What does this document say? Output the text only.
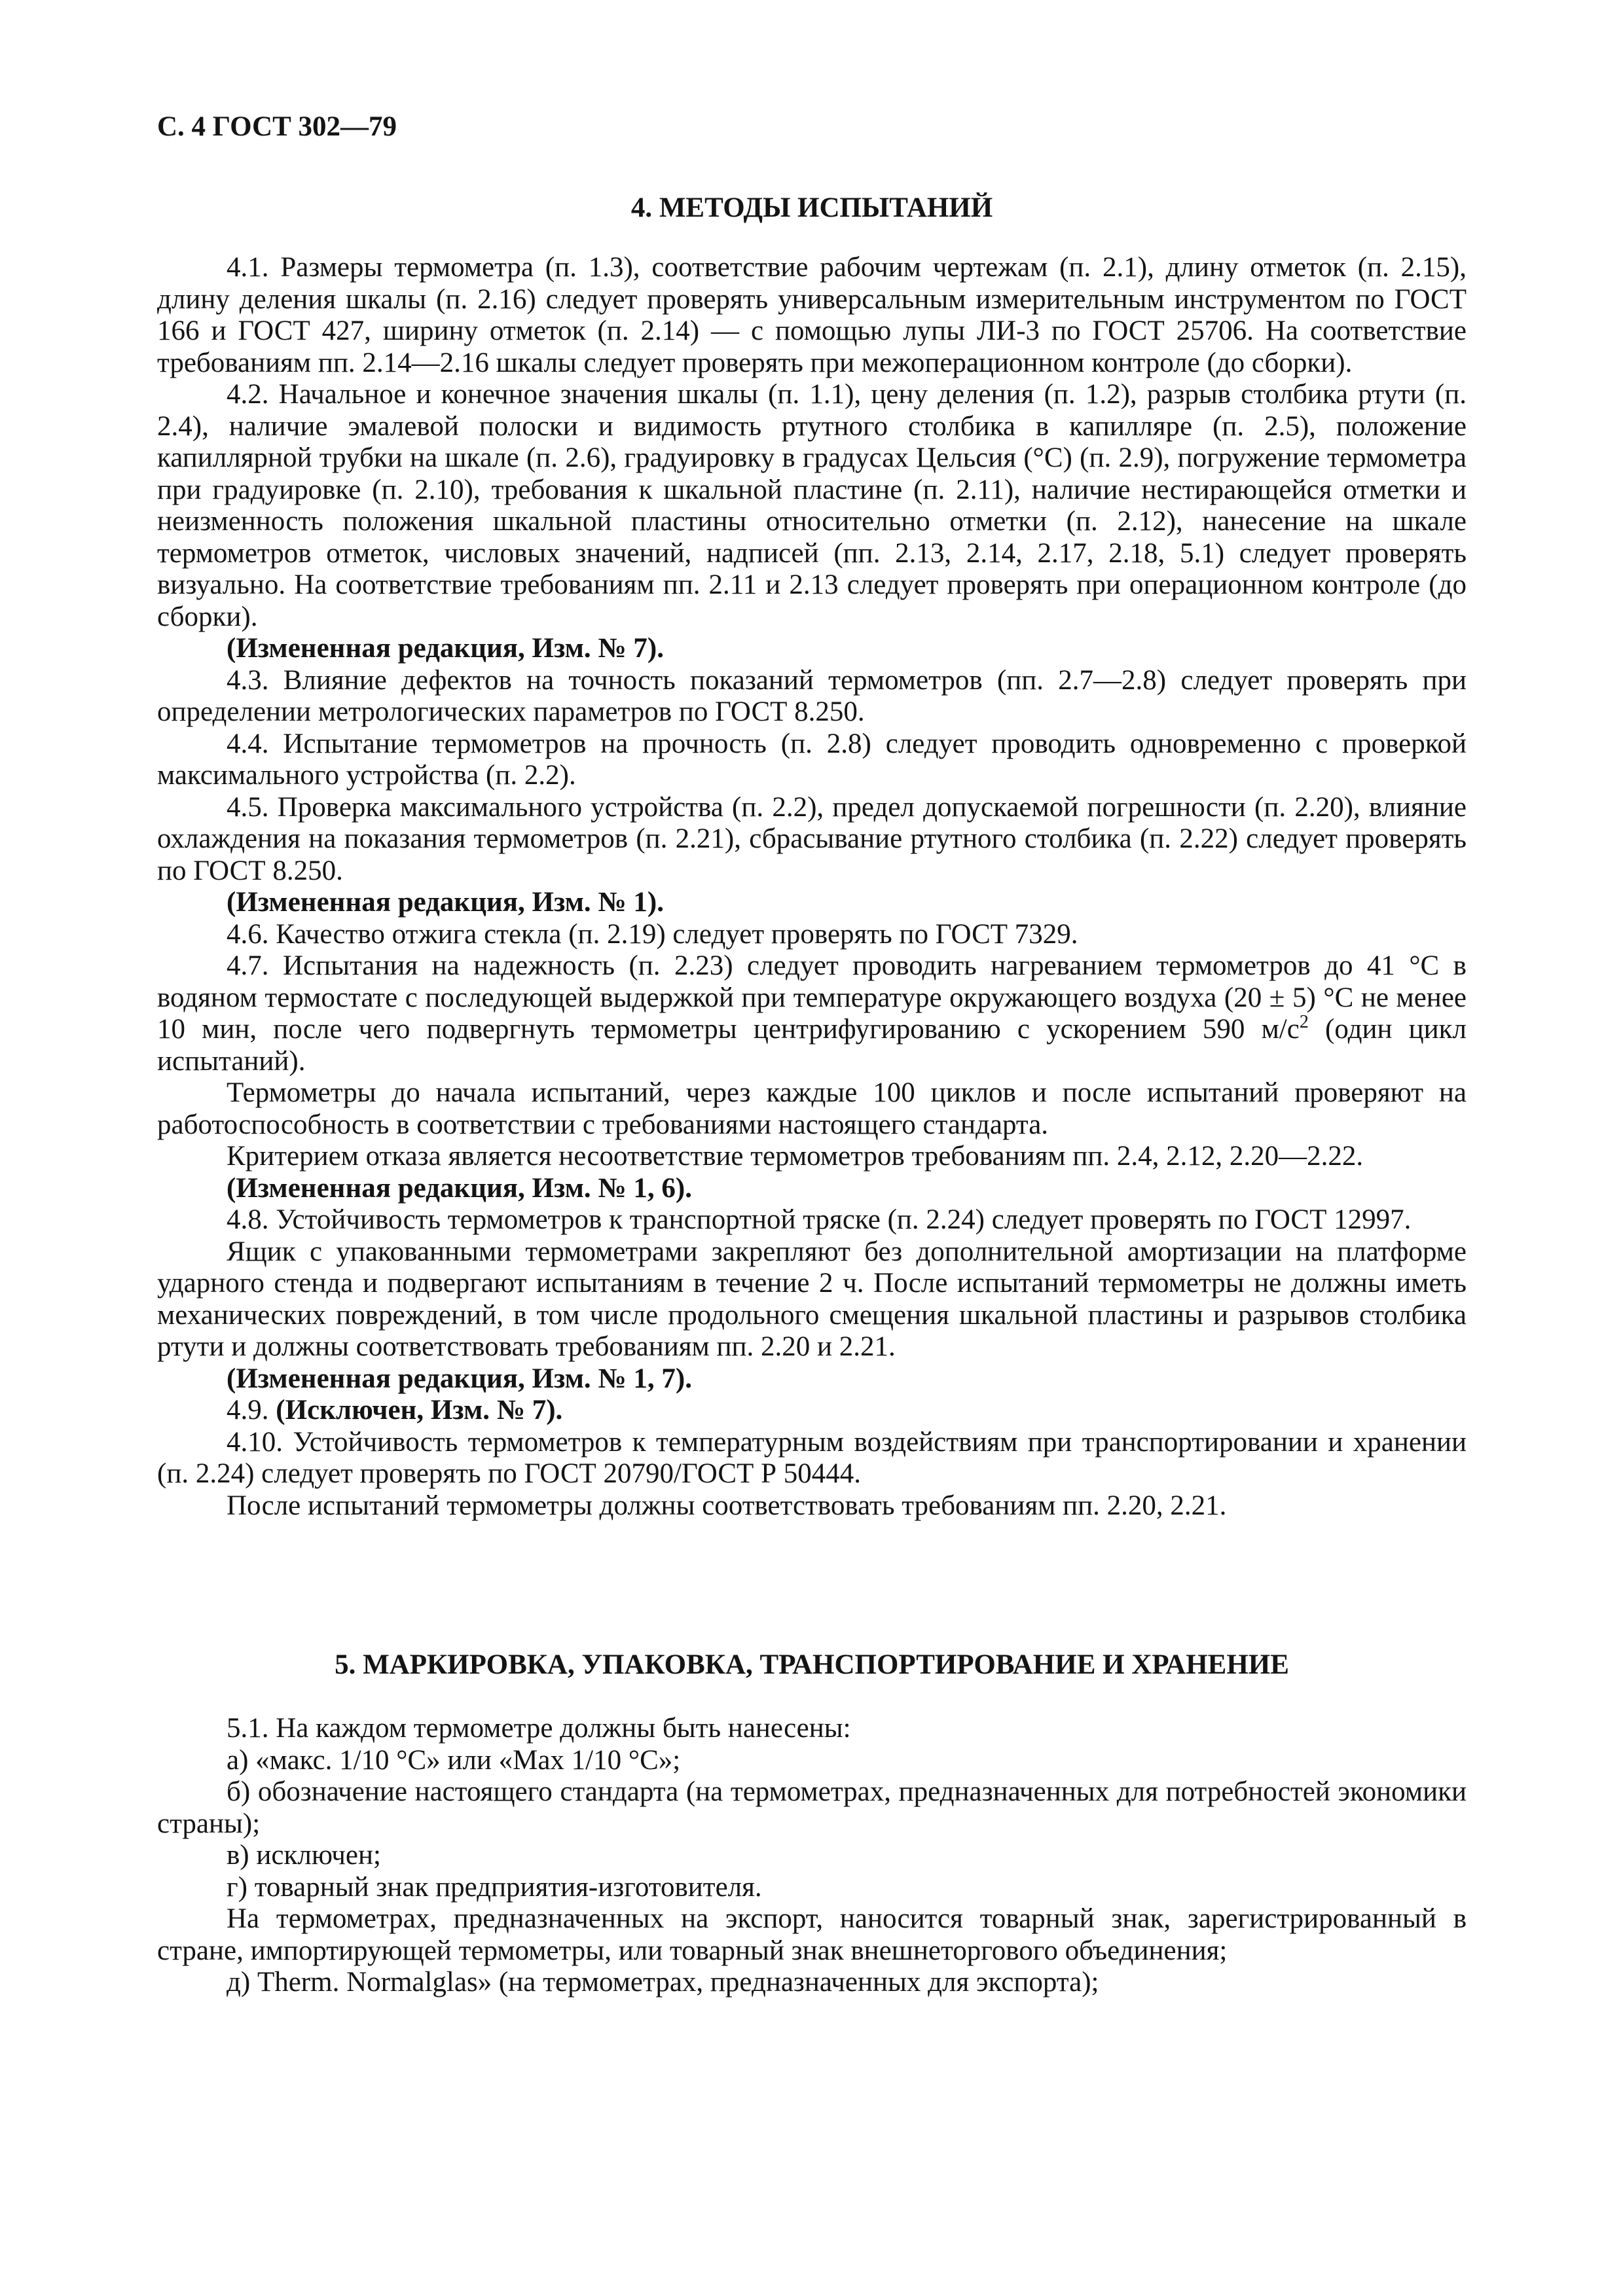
С. 4 ГОСТ 302—79
4. МЕТОДЫ ИСПЫТАНИЙ

4.1. Размеры термометра (п. 1.3), соответствие рабочим чертежам (п. 2.1), длину отметок (п. 2.15), длину деления шкалы (п. 2.16) следует проверять универсальным измерительным инструментом по ГОСТ 166 и ГОСТ 427, ширину отметок (п. 2.14) — с помощью лупы ЛИ-3 по ГОСТ 25706. На соответствие требованиям пп. 2.14—2.16 шкалы следует проверять при межоперационном контроле (до сборки).

4.2. Начальное и конечное значения шкалы (п. 1.1), цену деления (п. 1.2), разрыв столбика ртути (п. 2.4), наличие эмалевой полоски и видимость ртутного столбика в капилляре (п. 2.5), положение капиллярной трубки на шкале (п. 2.6), градуировку в градусах Цельсия (°С) (п. 2.9), погружение термометра при градуировке (п. 2.10), требования к шкальной пластине (п. 2.11), наличие нестирающейся отметки и неизменность положения шкальной пластины относительно отметки (п. 2.12), нанесение на шкале термометров отметок, числовых значений, надписей (пп. 2.13, 2.14, 2.17, 2.18, 5.1) следует проверять визуально. На соответствие требованиям пп. 2.11 и 2.13 следует проверять при операционном контроле (до сборки).

(Измененная редакция, Изм. № 7).

4.3. Влияние дефектов на точность показаний термометров (пп. 2.7—2.8) следует проверять при определении метрологических параметров по ГОСТ 8.250.

4.4. Испытание термометров на прочность (п. 2.8) следует проводить одновременно с проверкой максимального устройства (п. 2.2).

4.5. Проверка максимального устройства (п. 2.2), предел допускаемой погрешности (п. 2.20), влияние охлаждения на показания термометров (п. 2.21), сбрасывание ртутного столбика (п. 2.22) следует проверять по ГОСТ 8.250.

(Измененная редакция, Изм. № 1).

4.6. Качество отжига стекла (п. 2.19) следует проверять по ГОСТ 7329.

4.7. Испытания на надежность (п. 2.23) следует проводить нагреванием термометров до 41 °С в водяном термостате с последующей выдержкой при температуре окружающего воздуха (20 ± 5) °С не менее 10 мин, после чего подвергнуть термометры центрифугированию с ускорением 590 $м/с^2$ (один цикл испытаний).

Термометры до начала испытаний, через каждые 100 циклов и после испытаний проверяют на работоспособность в соответствии с требованиями настоящего стандарта.

Критерием отказа является несоответствие термометров требованиям пп. 2.4, 2.12, 2.20—2.22.

(Измененная редакция, Изм. № 1, 6).

4.8. Устойчивость термометров к транспортной тряске (п. 2.24) следует проверять по ГОСТ 12997.

Ящик с упакованными термометрами закрепляют без дополнительной амортизации на платформе ударного стенда и подвергают испытаниям в течение 2 ч. После испытаний термометры не должны иметь механических повреждений, в том числе продольного смещения шкальной пластины и разрывов столбика ртути и должны соответствовать требованиям пп. 2.20 и 2.21.

(Измененная редакция, Изм. № 1, 7).

4.9. (Исключен, Изм. № 7).

4.10. Устойчивость термометров к температурным воздействиям при транспортировании и хранении (п. 2.24) следует проверять по ГОСТ 20790/ГОСТ Р 50444.

После испытаний термометры должны соответствовать требованиям пп. 2.20, 2.21.

5. МАРКИРОВКА, УПАКОВКА, ТРАНСПОРТИРОВАНИЕ И ХРАНЕНИЕ

5.1. На каждом термометре должны быть нанесены:

а) «макс. 1/10 °С» или «Мах 1/10 °С»;

б) обозначение настоящего стандарта (на термометрах, предназначенных для потребностей экономики страны);

в) исключен;

г) товарный знак предприятия-изготовителя.

На термометрах, предназначенных на экспорт, наносится товарный знак, зарегистрированный в стране, импортирующей термометры, или товарный знак внешнеторгового объединения;

д) Therm. Normalglas» (на термометрах, предназначенных для экспорта);
